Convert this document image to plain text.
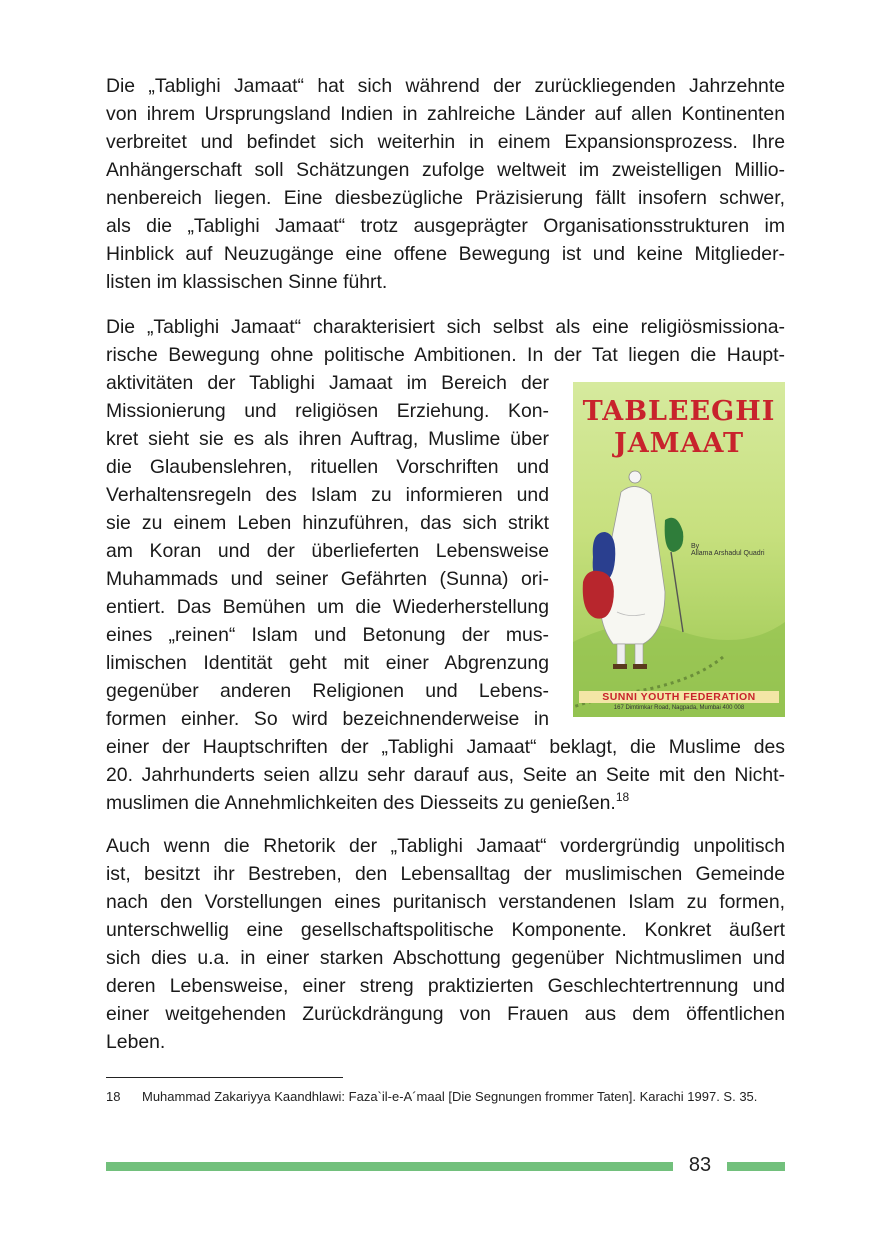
Die „Tablighi Jamaat“ hat sich während der zurückliegenden Jahrzehnte
von ihrem Ursprungsland Indien in zahlreiche Länder auf allen Kontinenten
verbreitet und befindet sich weiterhin in einem Expansionsprozess. Ihre
Anhängerschaft soll Schätzungen zufolge weltweit im zweistelligen Millio-
nenbereich liegen. Eine diesbezügliche Präzisierung fällt insofern schwer,
als die „Tablighi Jamaat“ trotz ausgeprägter Organisationsstrukturen im
Hinblick auf Neuzugänge eine offene Bewegung ist und keine Mitglieder-
listen im klassischen Sinne führt.
Die „Tablighi Jamaat“ charakterisiert sich selbst als eine religiösmissiona-
rische Bewegung ohne politische Ambitionen. In der Tat liegen die Haupt-
aktivitäten der Tablighi Jamaat im Bereich der
Missionierung und religiösen Erziehung. Kon-
kret sieht sie es als ihren Auftrag, Muslime über
die Glaubenslehren, rituellen Vorschriften und
Verhaltensregeln des Islam zu informieren und
sie zu einem Leben hinzuführen, das sich strikt
am Koran und der überlieferten Lebensweise
Muhammads und seiner Gefährten (Sunna) ori-
entiert. Das Bemühen um die Wiederherstellung
eines „reinen“ Islam und Betonung der mus-
limischen Identität geht mit einer Abgrenzung
gegenüber anderen Religionen und Lebens-
formen einher. So wird bezeichnenderweise in
einer der Hauptschriften der „Tablighi Jamaat“ beklagt, die Muslime des
20. Jahrhunderts seien allzu sehr darauf aus, Seite an Seite mit den Nicht-
muslimen die Annehmlichkeiten des Diesseits zu genießen.$^{18}$
TABLEEGHI
JAMAAT
By
Allama Arshadul Quadri
SUNNI YOUTH FEDERATION
167 Dimtimkar Road, Nagpada, Mumbai 400 008
Auch wenn die Rhetorik der „Tablighi Jamaat“ vordergründig unpolitisch
ist, besitzt ihr Bestreben, den Lebensalltag der muslimischen Gemeinde
nach den Vorstellungen eines puritanisch verstandenen Islam zu formen,
unterschwellig eine gesellschaftspolitische Komponente. Konkret äußert
sich dies u.a. in einer starken Abschottung gegenüber Nichtmuslimen und
deren Lebensweise, einer streng praktizierten Geschlechtertrennung und
einer weitgehenden Zurückdrängung von Frauen aus dem öffentlichen
Leben.
18 Muhammad Zakariyya Kaandhlawi: Faza`il-e-A´maal [Die Segnungen frommer Taten]. Karachi 1997. S. 35.
83
